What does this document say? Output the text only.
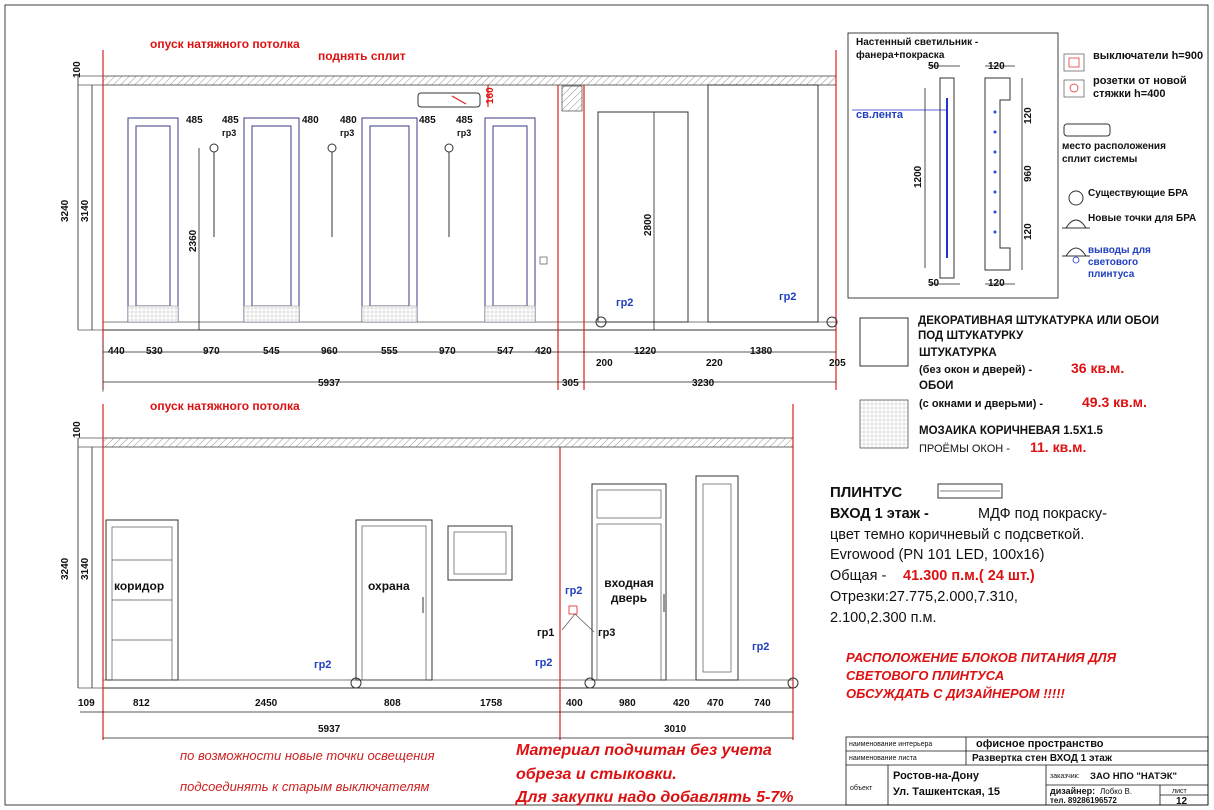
опуск натяжного потолка
поднять сплит
160
3240 3140
100
2360
2800
485 485	480 480	485 485
гр3	гр3	гр3
гр2	гр2
440 530	970	545	960	555	970	547 420
200
1220
220
1380
205
5937	305	3230
опуск натяжного потолка
3240 3140
100
коридор	охрана	входная дверь
гр1
гр2
гр3
гр2	гр2
гр2
109	812	2450	808	1758	400	980	420 470	740
5937	3010
Настенный светильник - фанера+покраска
св.лента
50	120
1200
120
960
120
50	120
выключатели h=900
розетки от новой стяжки h=400
место расположения сплит системы
Существующие БРА
Новые точки для БРА
выводы для светового плинтуса
ДЕКОРАТИВНАЯ ШТУКАТУРКА ИЛИ ОБОИ ПОД ШТУКАТУРКУ
ШТУКАТУРКА
(без окон и дверей) -	36 кв.м.
ОБОИ
(с окнами и дверьми) -	49.3 кв.м.
МОЗАИКА КОРИЧНЕВАЯ 1.5Х1.5
ПРОЁМЫ ОКОН - 11. кв.м.
ПЛИНТУС
ВХОД 1 этаж -	МДФ под покраску-
цвет темно коричневый с подсветкой.
Evrowood (PN 101 LED, 100х16)
Общая - 41.300 п.м.( 24 шт.)
Отрезки:27.775,2.000,7.310,
2.100,2.300 п.м.
РАСПОЛОЖЕНИЕ БЛОКОВ ПИТАНИЯ ДЛЯ
СВЕТОВОГО ПЛИНТУСА
ОБСУЖДАТЬ С ДИЗАЙНЕРОМ !!!!!
по возможности новые точки освещения
подсоединять к старым выключателям
Материал подчитан без учета
обреза и стыковки.
Для закупки надо добавлять 5-7%
наименование интерьера	офисное пространство
наименование листа	Развертка стен ВХОД 1 этаж
объект
Ростов-на-Дону
Ул. Ташкентская, 15
заказчик: ЗАО НПО "НАТЭК"
дизайнер: Лобко В.
тел. 89286196572
лист
12
